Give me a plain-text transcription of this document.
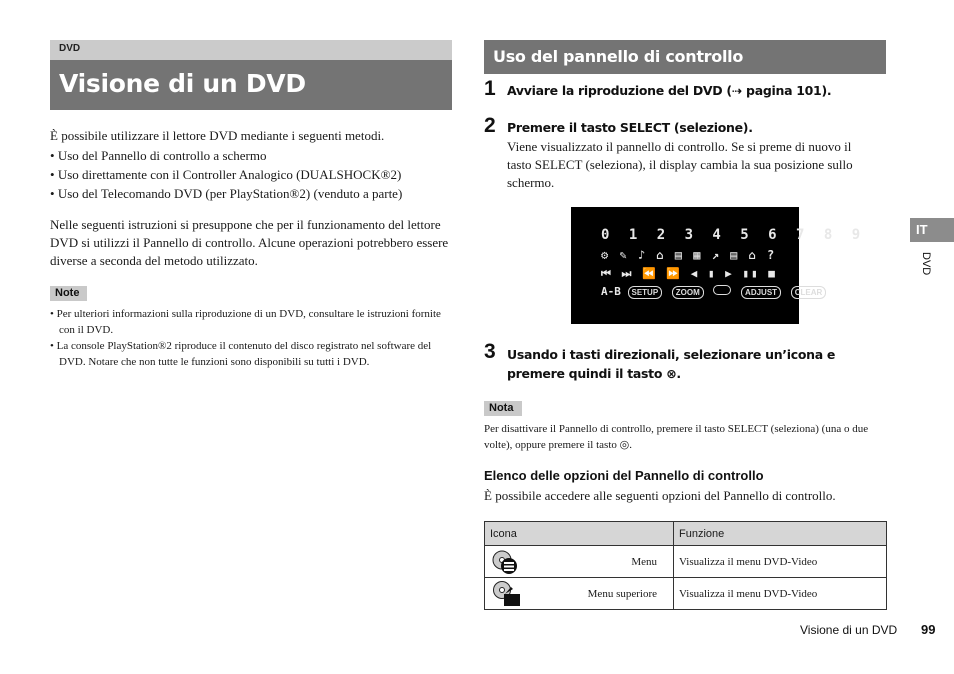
DVD
Visione di un DVD

È possibile utilizzare il lettore DVD mediante i seguenti metodi.

• Uso del Pannello di controllo a schermo
• Uso direttamente con il Controller Analogico (DUALSHOCK®2)
• Uso del Telecomando DVD (per PlayStation®2) (venduto a parte)

Nelle seguenti istruzioni si presuppone che per il funzionamento del lettore DVD si utilizzi il Pannello di controllo. Alcune operazioni potrebbero essere diverse a seconda del metodo utilizzato.

Note
• Per ulteriori informazioni sulla riproduzione di un DVD, consultare le istruzioni fornite con il DVD.
• La console PlayStation®2 riproduce il contenuto del disco registrato nel software del DVD. Notare che non tutte le funzioni sono disponibili su tutti i DVD.
Uso del pannello di controllo
1 Avviare la riproduzione del DVD (⇢ pagina 101).
2 Premere il tasto SELECT (selezione).

Viene visualizzato il pannello di controllo. Se si preme di nuovo il tasto SELECT (seleziona), il display cambia la sua posizione sullo schermo.

0 1 2 3 4 5 6 7 8 9
⚙ ✎ ♪ ⌂ ▤ ▦ ↗ ▤ ⌂ ?
⏮ ⏭ ⏪ ⏩ ◀ ▮ ▶ ▮▮ ■
A-B SETUP ZOOM	ADJUST CLEAR
3 Usando i tasti direzionali, selezionare un’icona e premere quindi il tasto ⊗.
Nota

Per disattivare il Pannello di controllo, premere il tasto SELECT (seleziona) (una o due volte), oppure premere il tasto ◎.

Elenco delle opzioni del Pannello di controllo

È possibile accedere alle seguenti opzioni del Pannello di controllo.

Icona	Funzione

Menu	Visualizza il menu DVD-Video

Menu superiore	Visualizza il menu DVD-Video
IT
DVD
Visione di un DVD 99
